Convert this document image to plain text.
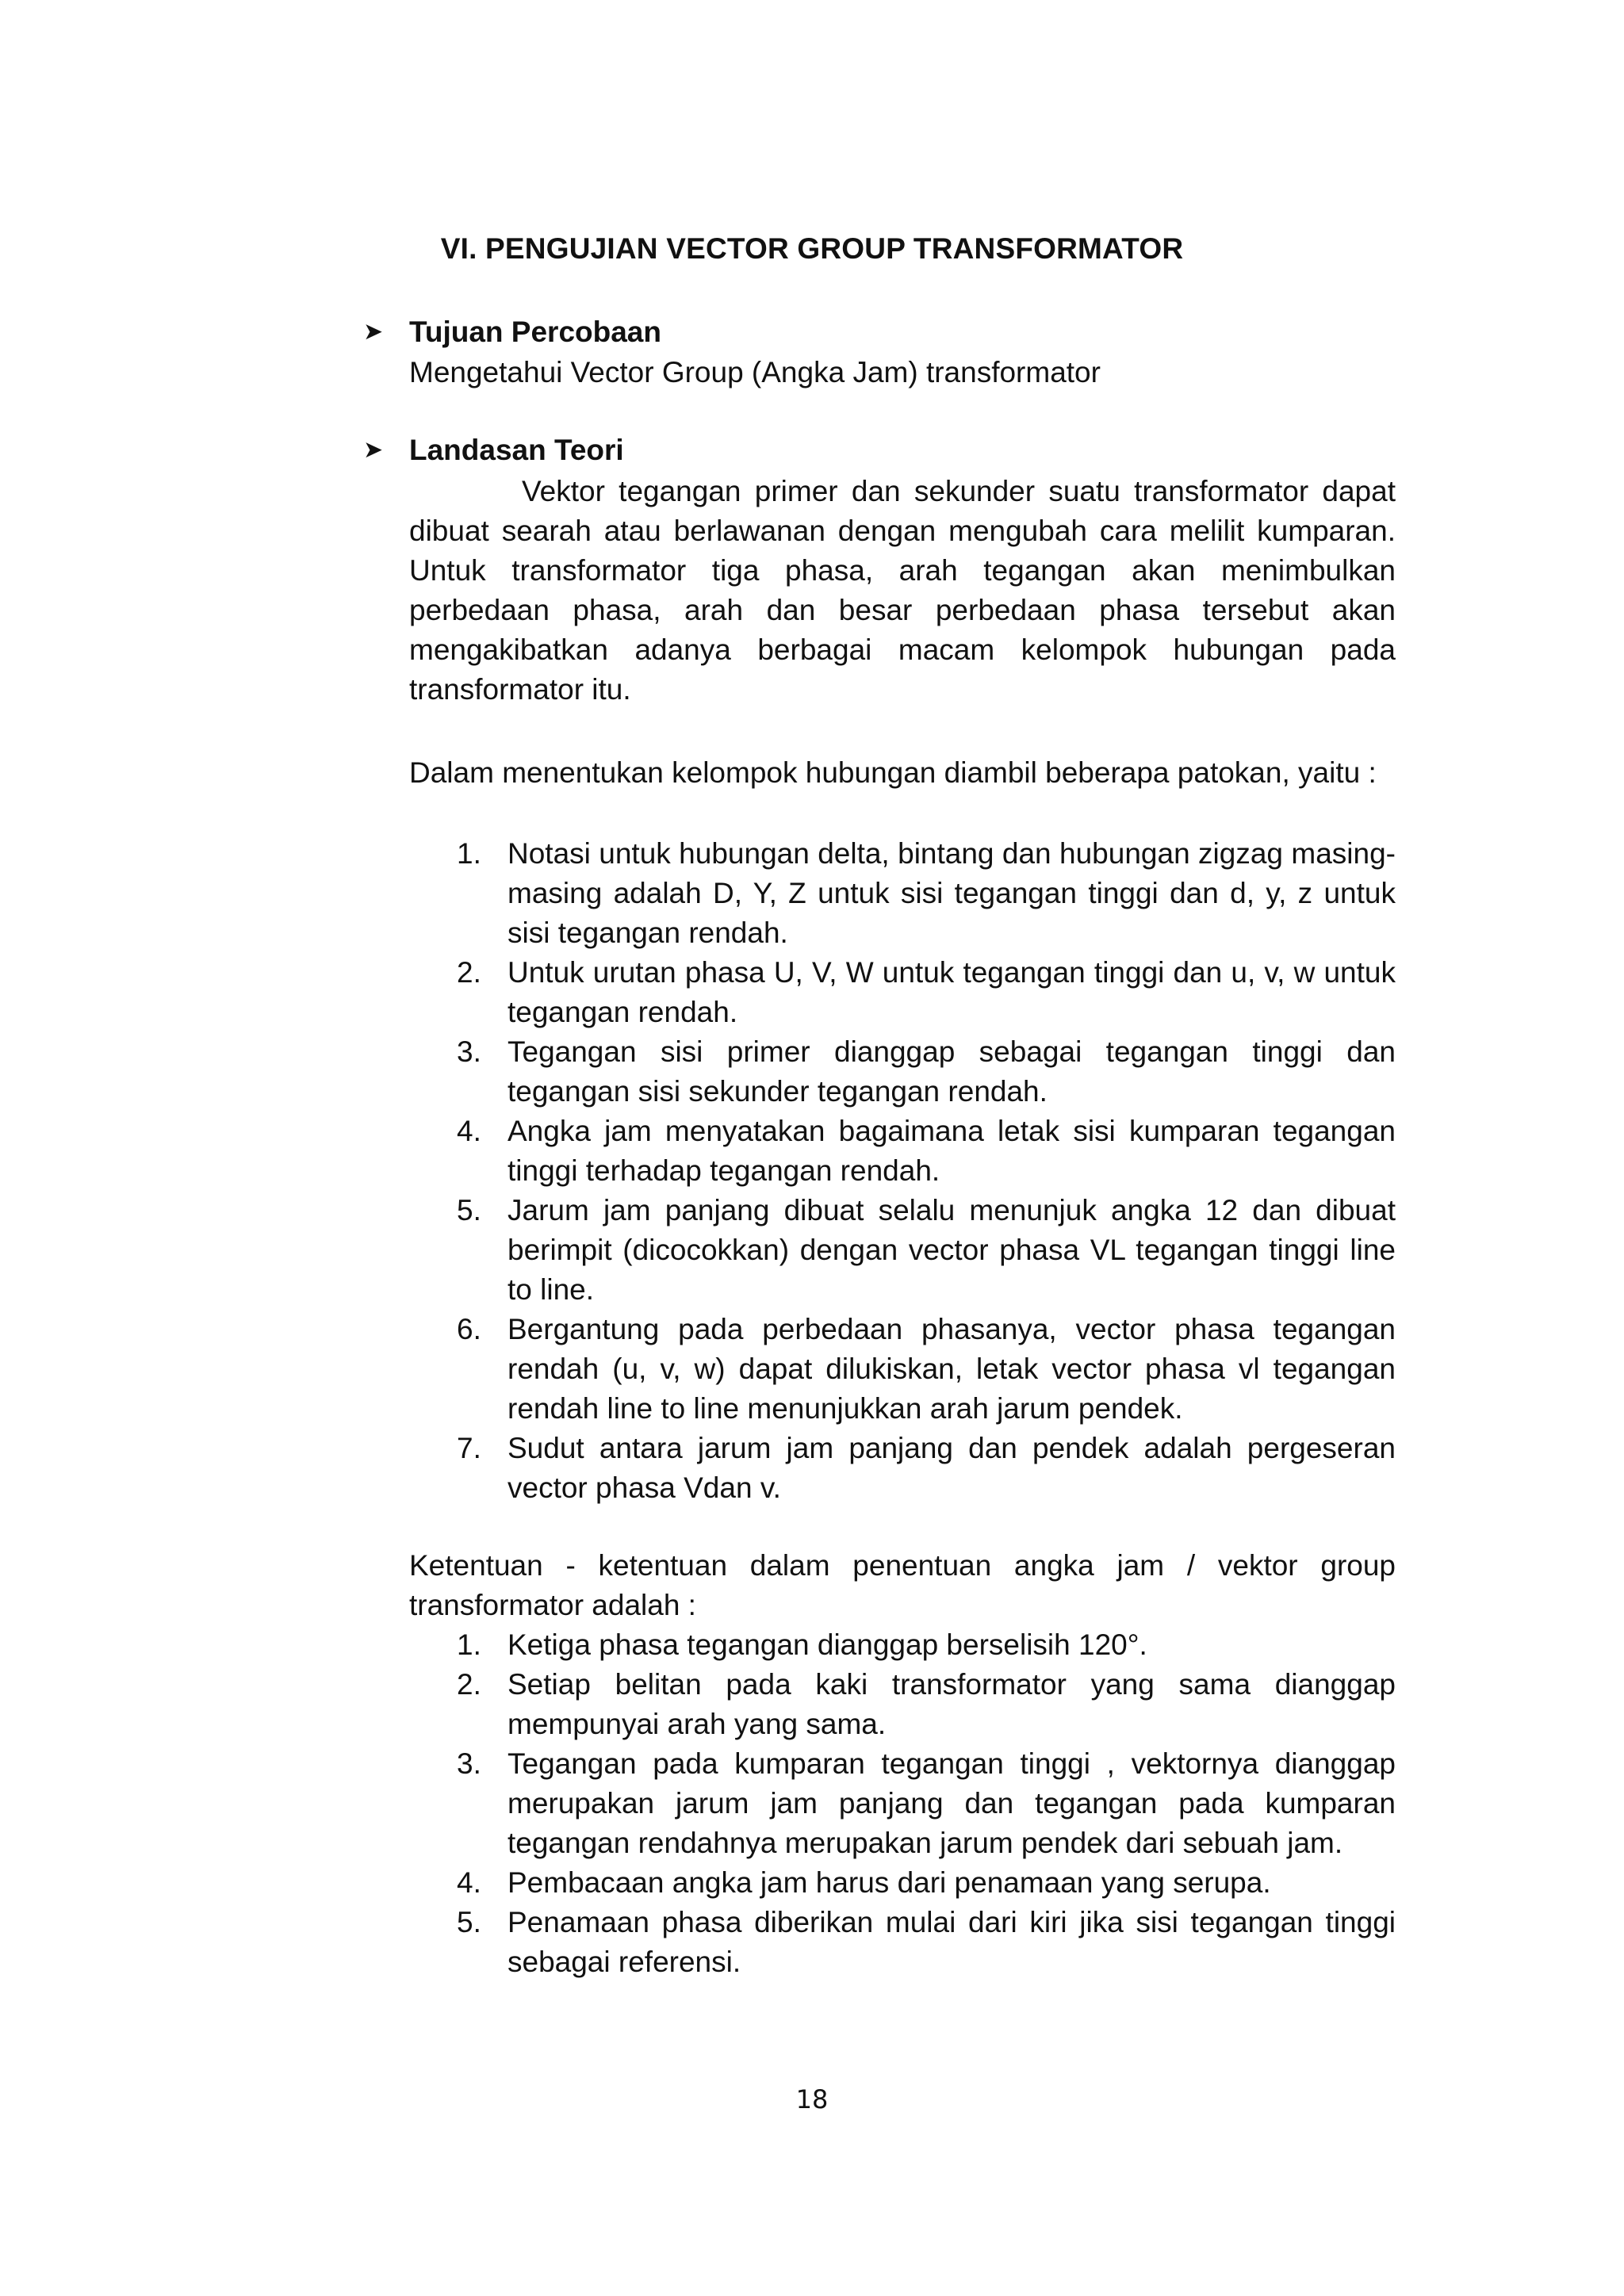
VI. PENGUJIAN VECTOR GROUP TRANSFORMATOR
➤ Tujuan Percobaan
Mengetahui Vector Group (Angka Jam) transformator
➤ Landasan Teori
Vektor tegangan primer dan sekunder suatu transformator dapat dibuat searah atau berlawanan dengan mengubah cara melilit kumparan. Untuk transformator tiga phasa, arah tegangan akan menimbulkan perbedaan phasa, arah dan besar perbedaan phasa tersebut akan mengakibatkan adanya berbagai macam kelompok hubungan pada transformator itu.
Dalam menentukan kelompok hubungan diambil beberapa patokan, yaitu :
1. Notasi untuk hubungan delta, bintang dan hubungan zigzag masing-masing adalah D, Y, Z untuk sisi tegangan tinggi dan d, y, z untuk sisi tegangan rendah.
2. Untuk urutan phasa U, V, W untuk tegangan tinggi dan u, v, w untuk tegangan rendah.
3. Tegangan sisi primer dianggap sebagai tegangan tinggi dan tegangan sisi sekunder tegangan rendah.
4. Angka jam menyatakan bagaimana letak sisi kumparan tegangan tinggi terhadap tegangan rendah.
5. Jarum jam panjang dibuat selalu menunjuk angka 12 dan dibuat berimpit (dicocokkan) dengan vector phasa VL tegangan tinggi line to line.
6. Bergantung pada perbedaan phasanya, vector phasa tegangan rendah (u, v, w) dapat dilukiskan, letak vector phasa vl tegangan rendah line to line menunjukkan arah jarum pendek.
7. Sudut antara jarum jam panjang dan pendek adalah pergeseran vector phasa Vdan v.
Ketentuan - ketentuan dalam penentuan angka jam / vektor group transformator adalah :
1. Ketiga phasa tegangan dianggap berselisih 120°.
2. Setiap belitan pada kaki transformator yang sama dianggap mempunyai arah yang sama.
3. Tegangan pada kumparan tegangan tinggi , vektornya dianggap merupakan jarum jam panjang dan tegangan pada kumparan tegangan rendahnya merupakan jarum pendek dari sebuah jam.
4. Pembacaan angka jam harus dari penamaan yang serupa.
5. Penamaan phasa diberikan mulai dari kiri jika sisi tegangan tinggi sebagai referensi.
18
